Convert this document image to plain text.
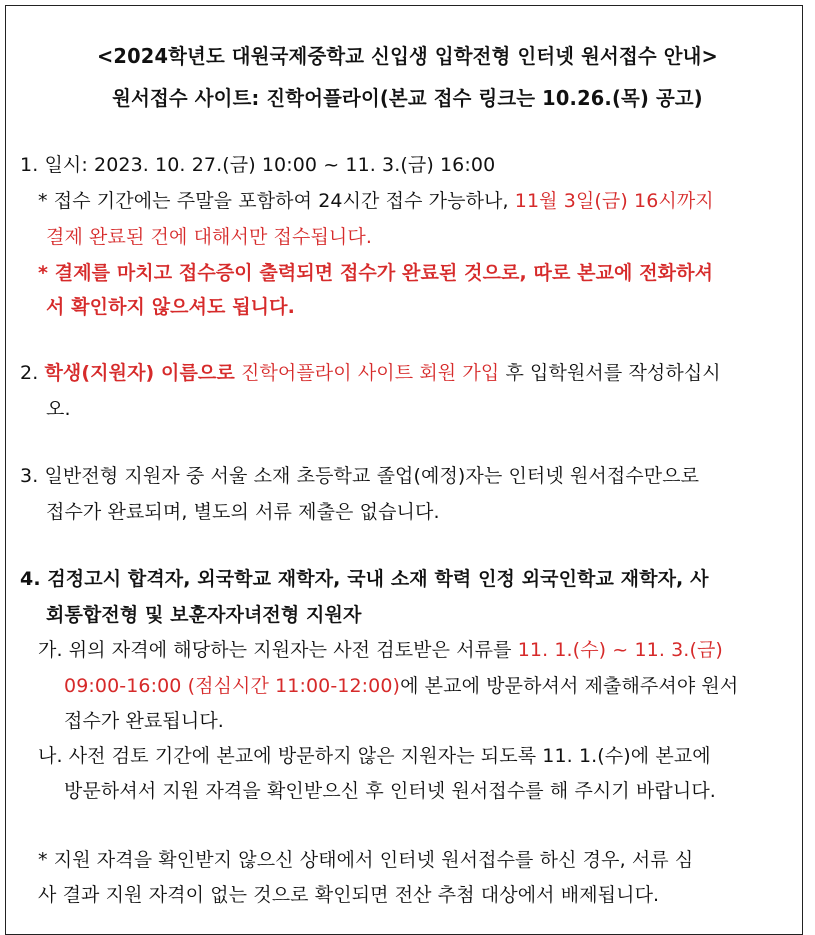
<2024학년도 대원국제중학교 신입생 입학전형 인터넷 원서접수 안내>
원서접수 사이트: 진학어플라이(본교 접수 링크는 10.26.(목) 공고)
1. 일시: 2023. 10. 27.(금) 10:00 ~ 11. 3.(금) 16:00
* 접수 기간에는 주말을 포함하여 24시간 접수 가능하나, 11월 3일(금) 16시까지
결제 완료된 건에 대해서만 접수됩니다.
* 결제를 마치고 접수증이 출력되면 접수가 완료된 것으로, 따로 본교에 전화하셔
서 확인하지 않으셔도 됩니다.
2. 학생(지원자) 이름으로 진학어플라이 사이트 회원 가입 후 입학원서를 작성하십시
오.
3. 일반전형 지원자 중 서울 소재 초등학교 졸업(예정)자는 인터넷 원서접수만으로
접수가 완료되며, 별도의 서류 제출은 없습니다.
4. 검정고시 합격자, 외국학교 재학자, 국내 소재 학력 인정 외국인학교 재학자, 사
회통합전형 및 보훈자자녀전형 지원자
가. 위의 자격에 해당하는 지원자는 사전 검토받은 서류를 11. 1.(수) ~ 11. 3.(금)
09:00-16:00 (점심시간 11:00-12:00)에 본교에 방문하셔서 제출해주셔야 원서
접수가 완료됩니다.
나. 사전 검토 기간에 본교에 방문하지 않은 지원자는 되도록 11. 1.(수)에 본교에
방문하셔서 지원 자격을 확인받으신 후 인터넷 원서접수를 해 주시기 바랍니다.
* 지원 자격을 확인받지 않으신 상태에서 인터넷 원서접수를 하신 경우, 서류 심
사 결과 지원 자격이 없는 것으로 확인되면 전산 추첨 대상에서 배제됩니다.
